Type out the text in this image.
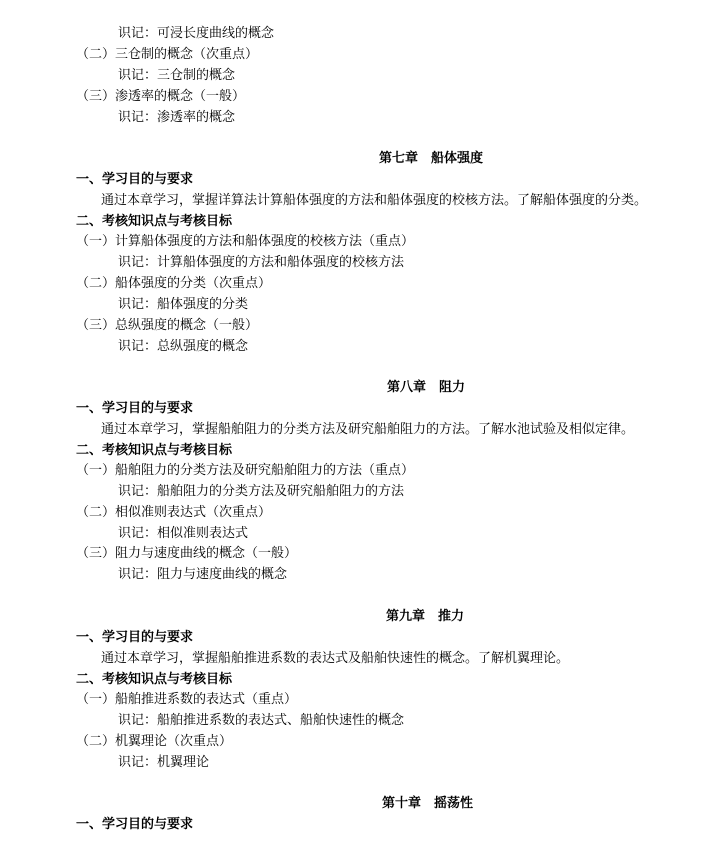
识记：可浸长度曲线的概念
（二）三仓制的概念（次重点）
识记：三仓制的概念
（三）渗透率的概念（一般）
识记：渗透率的概念
第七章　船体强度
一、学习目的与要求
通过本章学习，掌握详算法计算船体强度的方法和船体强度的校核方法。了解船体强度的分类。
二、考核知识点与考核目标
（一）计算船体强度的方法和船体强度的校核方法（重点）
识记：计算船体强度的方法和船体强度的校核方法
（二）船体强度的分类（次重点）
识记：船体强度的分类
（三）总纵强度的概念（一般）
识记：总纵强度的概念
第八章　阻力
一、学习目的与要求
通过本章学习，掌握船舶阻力的分类方法及研究船舶阻力的方法。了解水池试验及相似定律。
二、考核知识点与考核目标
（一）船舶阻力的分类方法及研究船舶阻力的方法（重点）
识记：船舶阻力的分类方法及研究船舶阻力的方法
（二）相似准则表达式（次重点）
识记：相似准则表达式
（三）阻力与速度曲线的概念（一般）
识记：阻力与速度曲线的概念
第九章　推力
一、学习目的与要求
通过本章学习，掌握船舶推进系数的表达式及船舶快速性的概念。了解机翼理论。
二、考核知识点与考核目标
（一）船舶推进系数的表达式（重点）
识记：船舶推进系数的表达式、船舶快速性的概念
（二）机翼理论（次重点）
识记：机翼理论
第十章　摇荡性
一、学习目的与要求
